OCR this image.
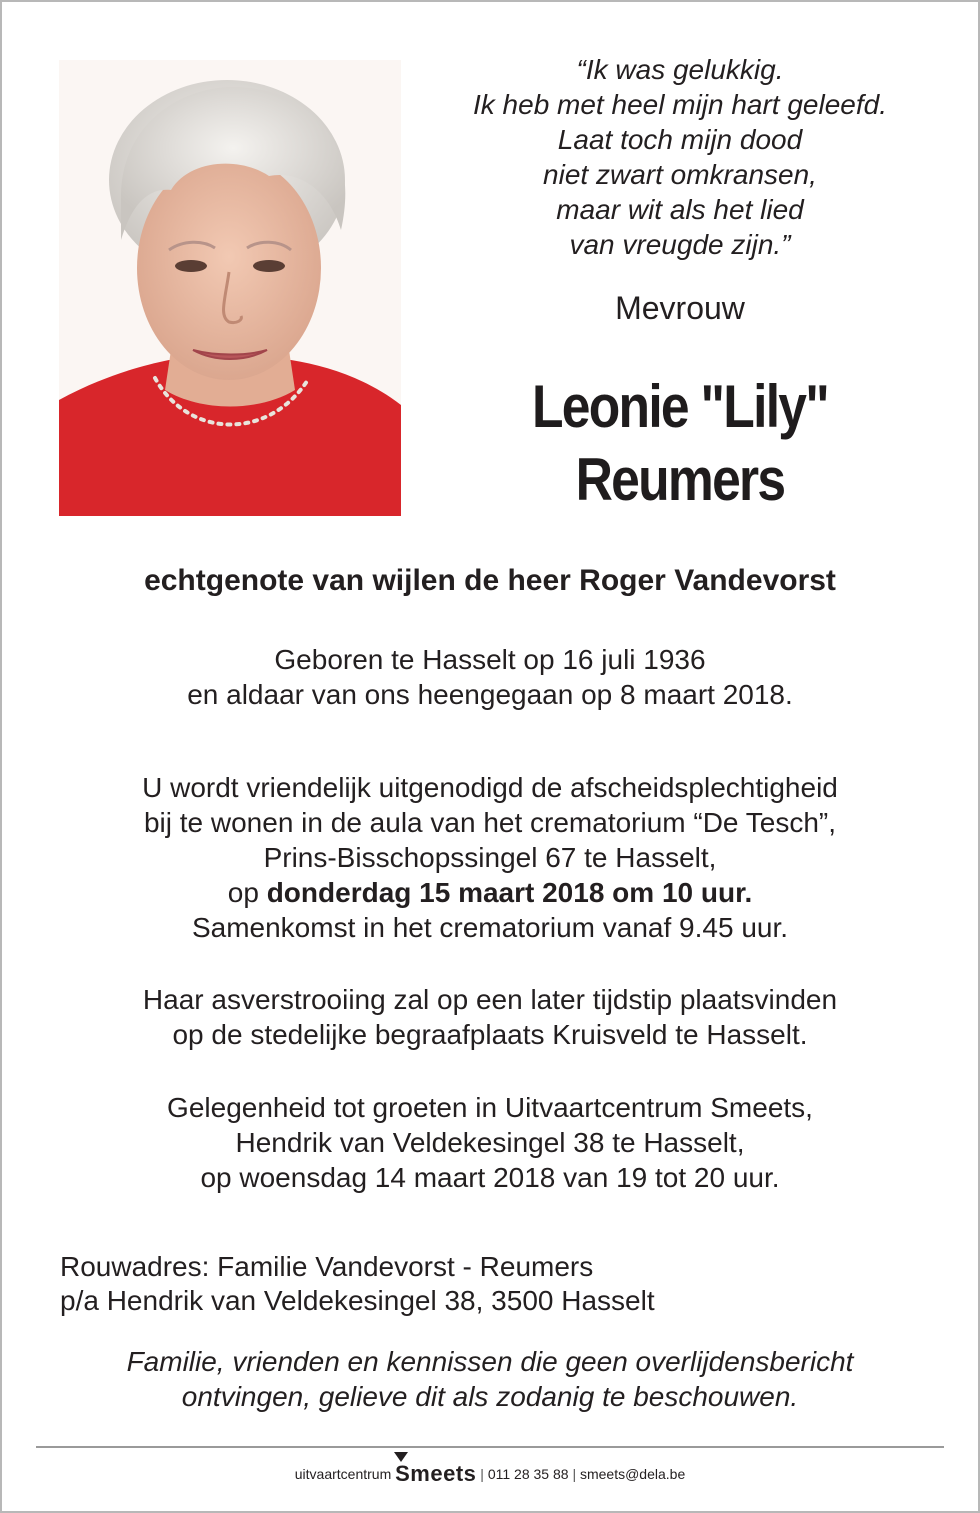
“Ik was gelukkig.
Ik heb met heel mijn hart geleefd.
Laat toch mijn dood
niet zwart omkransen,
maar wit als het lied
van vreugde zijn.”
Mevrouw
Leonie "Lily"
Reumers
echtgenote van wijlen de heer Roger Vandevorst
Geboren te Hasselt op 16 juli 1936
en aldaar van ons heengegaan op 8 maart 2018.
U wordt vriendelijk uitgenodigd de afscheidsplechtigheid
bij te wonen in de aula van het crematorium “De Tesch”,
Prins-Bisschopssingel 67 te Hasselt,
op donderdag 15 maart 2018 om 10 uur.
Samenkomst in het crematorium vanaf 9.45 uur.
Haar asverstrooiing zal op een later tijdstip plaatsvinden
op de stedelijke begraafplaats Kruisveld te Hasselt.
Gelegenheid tot groeten in Uitvaartcentrum Smeets,
Hendrik van Veldekesingel 38 te Hasselt,
op woensdag 14 maart 2018 van 19 tot 20 uur.
Rouwadres: Familie Vandevorst - Reumers
p/a Hendrik van Veldekesingel 38, 3500 Hasselt
Familie, vrienden en kennissen die geen overlijdensbericht
ontvingen, gelieve dit als zodanig te beschouwen.
uitvaartcentrum Smeets | 011 28 35 88 | smeets@dela.be
